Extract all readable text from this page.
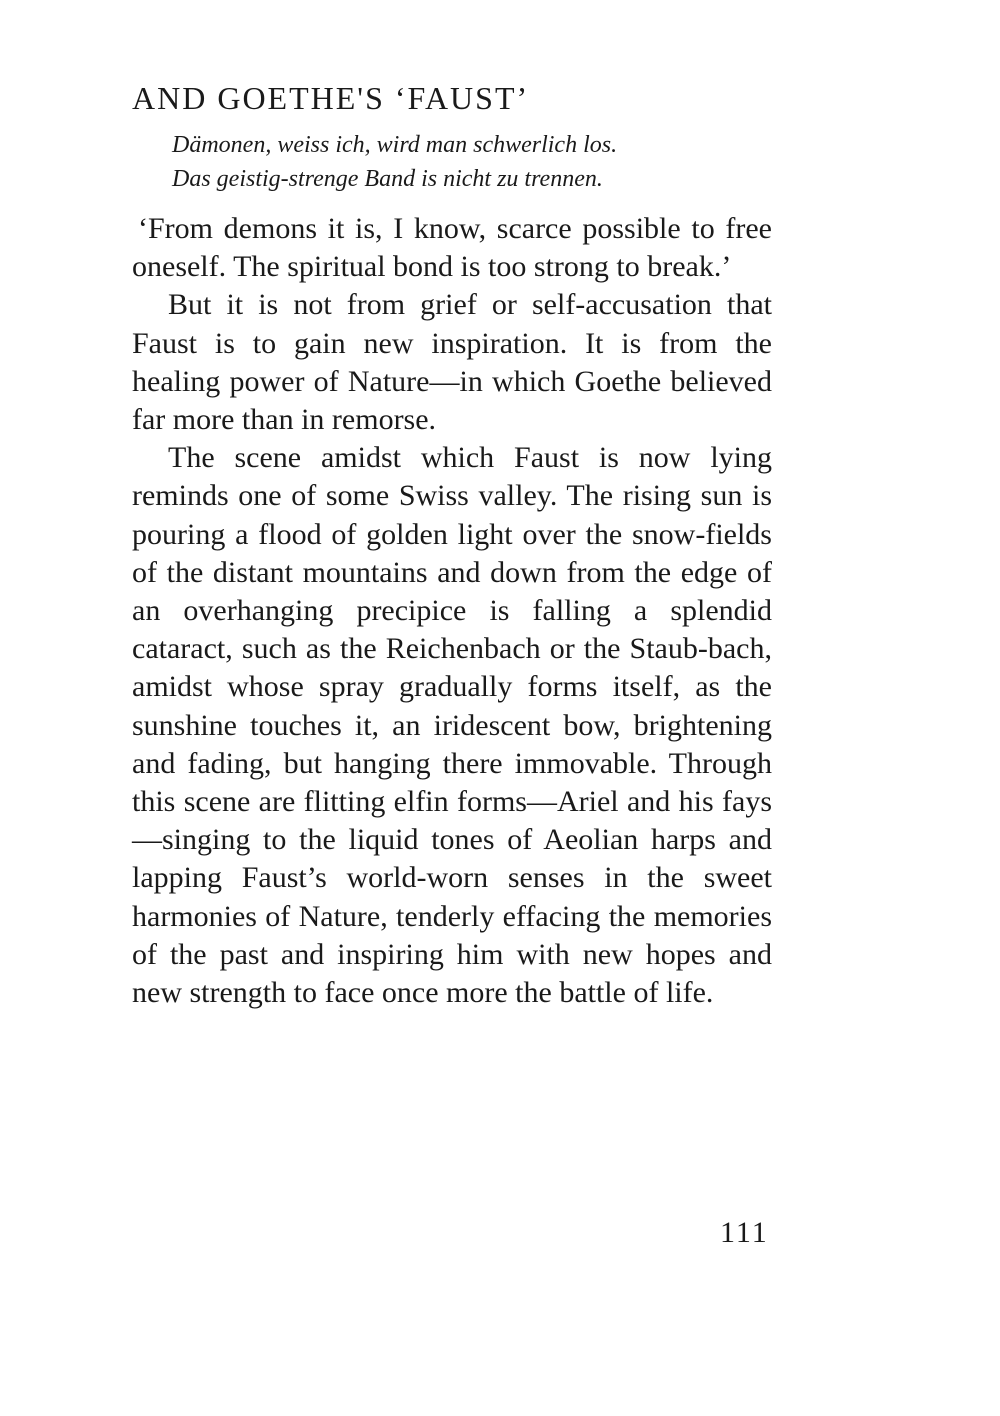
AND GOETHE'S ‘FAUST’
Dämonen, weiss ich, wird man schwerlich los.
Das geistig-strenge Band is nicht zu trennen.

‘From demons it is, I know, scarce possible to free oneself. The spiritual bond is too strong to break.’

But it is not from grief or self-accusation that Faust is to gain new inspiration. It is from the healing power of Nature—in which Goethe believed far more than in remorse.

The scene amidst which Faust is now lying reminds one of some Swiss valley. The rising sun is pouring a flood of golden light over the snow-fields of the distant mountains and down from the edge of an overhanging precipice is falling a splendid cataract, such as the Reichenbach or the Staub-bach, amidst whose spray gradually forms itself, as the sunshine touches it, an iridescent bow, brightening and fading, but hanging there immovable. Through this scene are flitting elfin forms—Ariel and his fays—singing to the liquid tones of Aeolian harps and lapping Faust’s world-worn senses in the sweet harmonies of Nature, tenderly effacing the memories of the past and inspiring him with new hopes and new strength to face once more the battle of life.

111
